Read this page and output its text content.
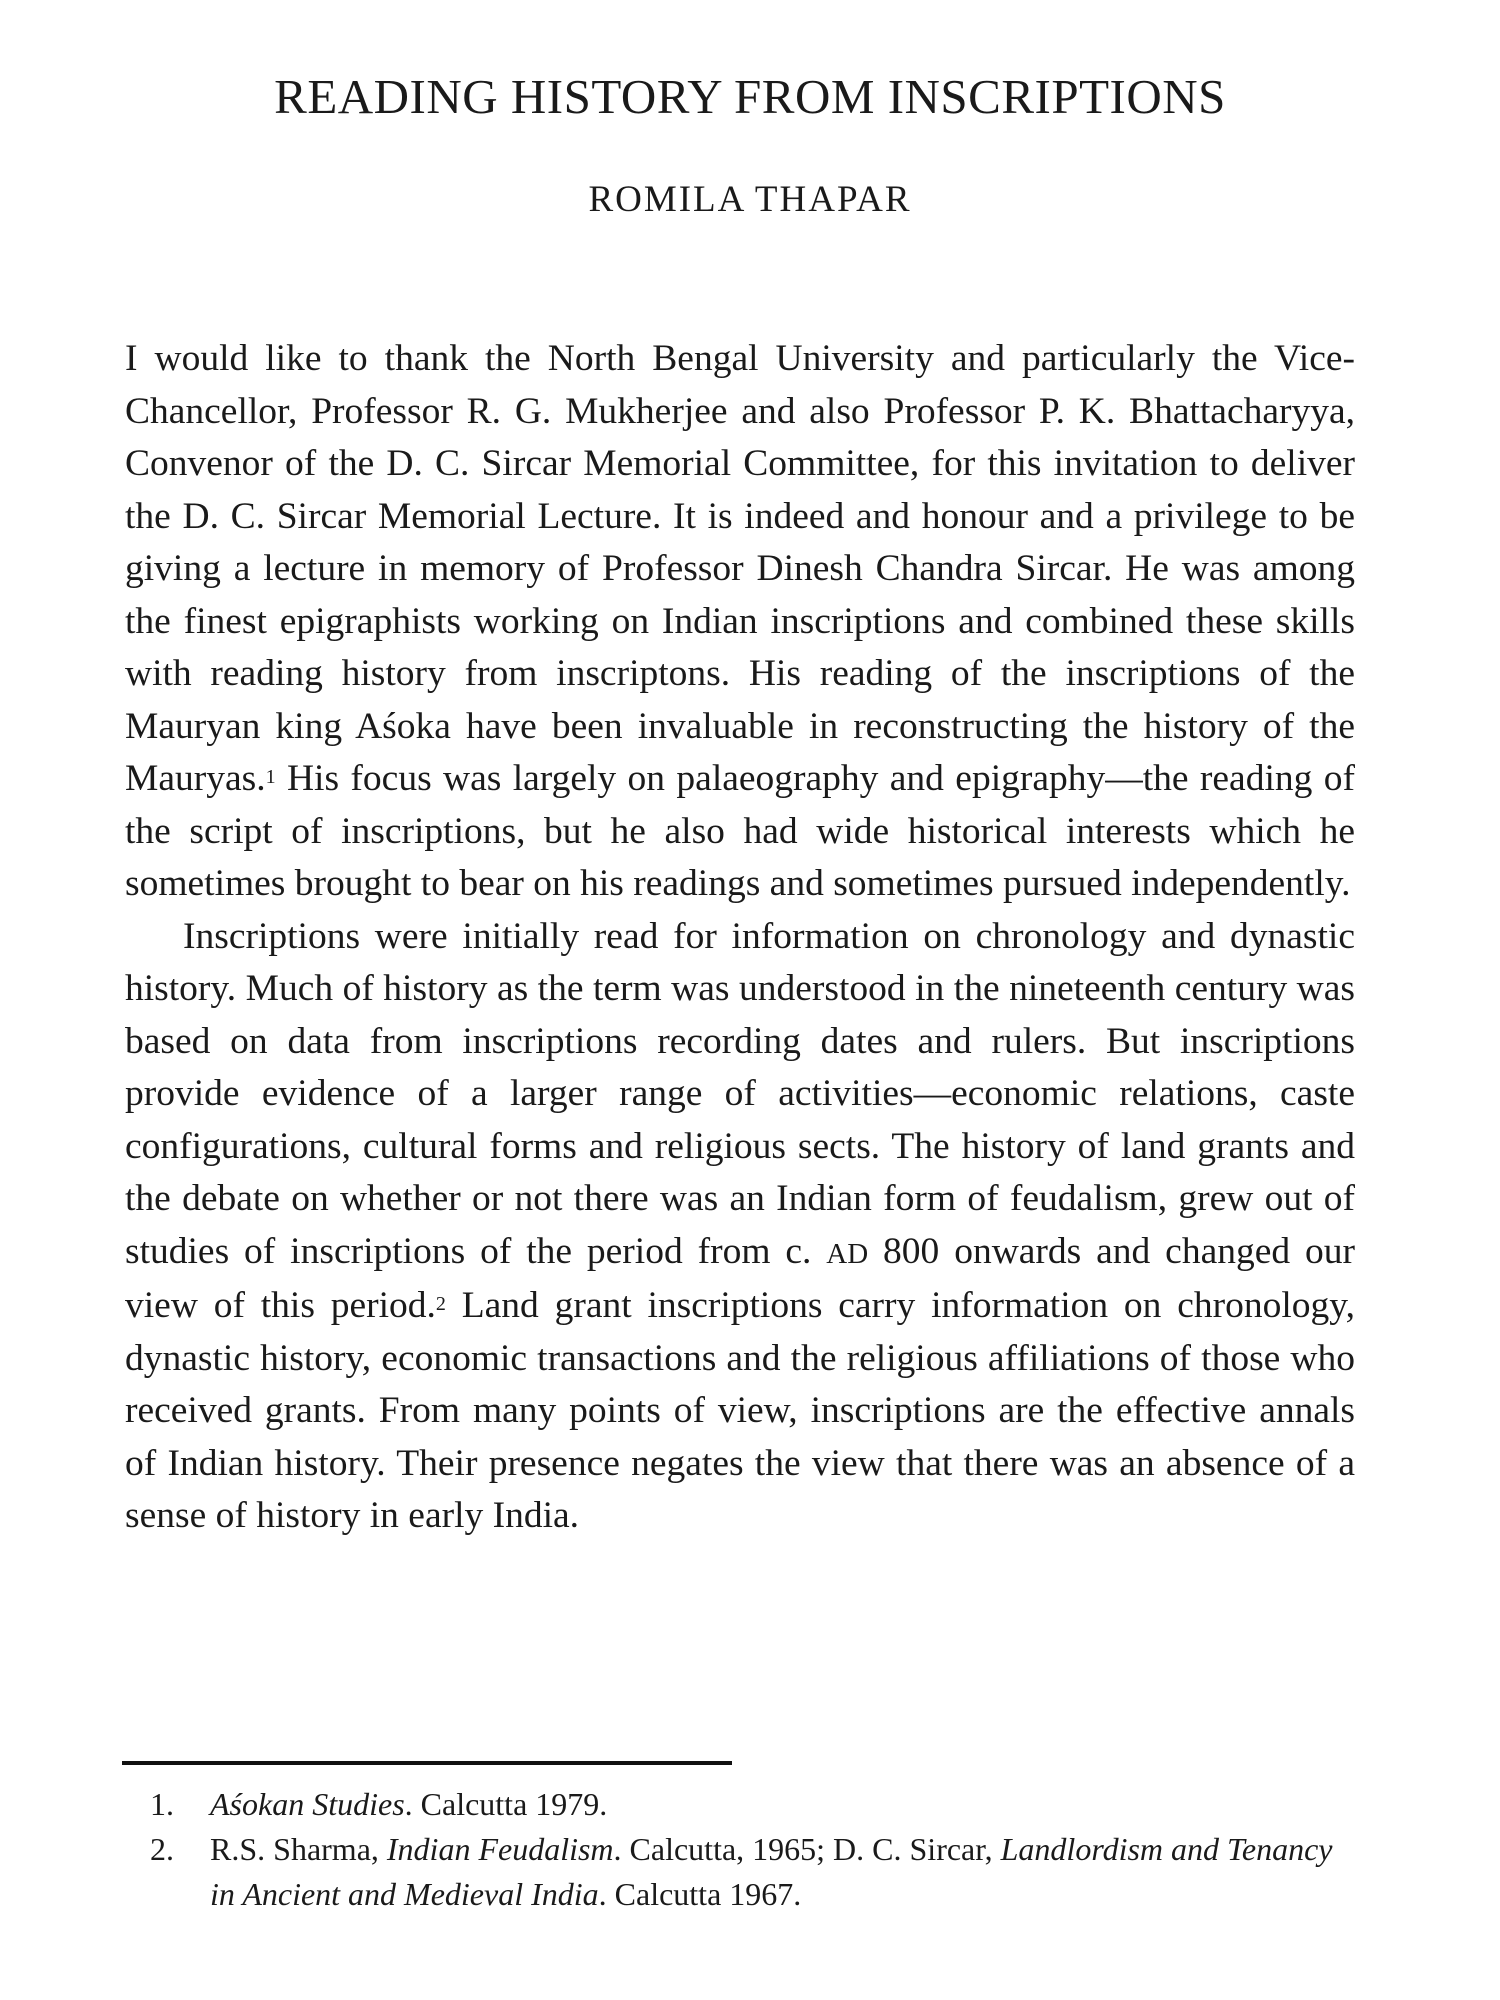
READING HISTORY FROM INSCRIPTIONS
ROMILA THAPAR

I would like to thank the North Bengal University and particularly the Vice-Chancellor, Professor R. G. Mukherjee and also Professor P. K. Bhattacharyya, Convenor of the D. C. Sircar Memorial Committee, for this invitation to deliver the D. C. Sircar Memorial Lecture. It is indeed and honour and a privilege to be giving a lecture in memory of Professor Dinesh Chandra Sircar. He was among the finest epigraphists working on Indian inscriptions and combined these skills with reading history from inscriptons. His reading of the inscriptions of the Mauryan king Aśoka have been invaluable in reconstructing the history of the Mauryas.$^1$ His focus was largely on palaeography and epigraphy—the reading of the script of inscriptions, but he also had wide historical interests which he sometimes brought to bear on his readings and sometimes pursued independently.

Inscriptions were initially read for information on chronology and dynastic history. Much of history as the term was understood in the nineteenth century was based on data from inscriptions recording dates and rulers. But inscriptions provide evidence of a larger range of activities—economic relations, caste configurations, cultural forms and religious sects. The history of land grants and the debate on whether or not there was an Indian form of feudalism, grew out of studies of inscriptions of the period from c. AD 800 onwards and changed our view of this period.$^2$ Land grant inscriptions carry information on chronology, dynastic history, economic transactions and the religious affiliations of those who received grants. From many points of view, inscriptions are the effective annals of Indian history. Their presence negates the view that there was an absence of a sense of history in early India.

1.	Aśokan Studies. Calcutta 1979.
2.	R.S. Sharma, Indian Feudalism. Calcutta, 1965; D. C. Sircar, Landlordism and Tenancy in Ancient and Medieval India. Calcutta 1967.
